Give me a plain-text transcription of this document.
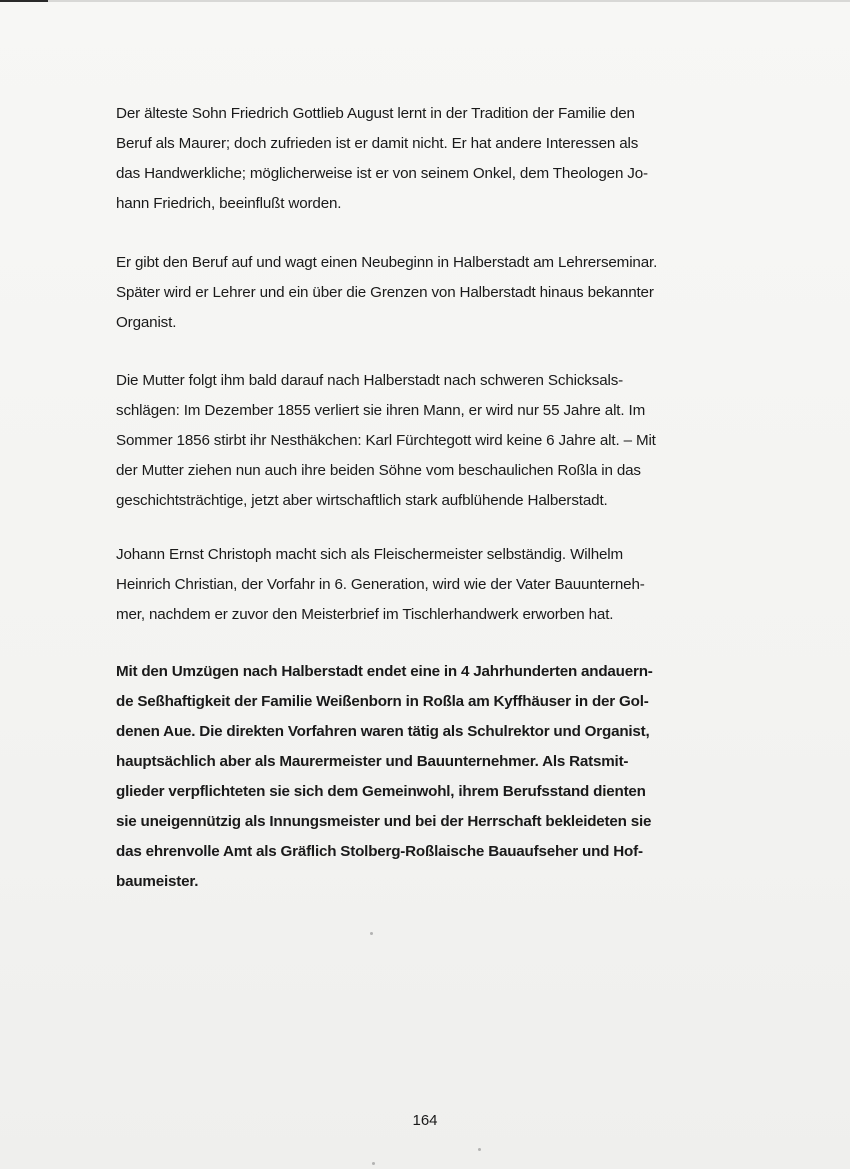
Der älteste Sohn Friedrich Gottlieb August lernt in der Tradition der Familie den
Beruf als Maurer; doch zufrieden ist er damit nicht. Er hat andere Interessen als
das Handwerkliche; möglicherweise ist er von seinem Onkel, dem Theologen Jo-
hann Friedrich, beeinflußt worden.
Er gibt den Beruf auf und wagt einen Neubeginn in Halberstadt am Lehrerseminar.
Später wird er Lehrer und ein über die Grenzen von Halberstadt hinaus bekannter
Organist.
Die Mutter folgt ihm bald darauf nach Halberstadt nach schweren Schicksals-
schlägen: Im Dezember 1855 verliert sie ihren Mann, er wird nur 55 Jahre alt. Im
Sommer 1856 stirbt ihr Nesthäkchen: Karl Fürchtegott wird keine 6 Jahre alt. – Mit
der Mutter ziehen nun auch ihre beiden Söhne vom beschaulichen Roßla in das
geschichtsträchtige, jetzt aber wirtschaftlich stark aufblühende Halberstadt.
Johann Ernst Christoph macht sich als Fleischermeister selbständig. Wilhelm
Heinrich Christian, der Vorfahr in 6. Generation, wird wie der Vater Bauunterneh-
mer, nachdem er zuvor den Meisterbrief im Tischlerhandwerk erworben hat.
Mit den Umzügen nach Halberstadt endet eine in 4 Jahrhunderten andauern-
de Seßhaftigkeit der Familie Weißenborn in Roßla am Kyffhäuser in der Gol-
denen Aue. Die direkten Vorfahren waren tätig als Schulrektor und Organist,
hauptsächlich aber als Maurermeister und Bauunternehmer. Als Ratsmit-
glieder verpflichteten sie sich dem Gemeinwohl, ihrem Berufsstand dienten
sie uneigennützig als Innungsmeister und bei der Herrschaft bekleideten sie
das ehrenvolle Amt als Gräflich Stolberg-Roßlaische Bauaufseher und Hof-
baumeister.
164
